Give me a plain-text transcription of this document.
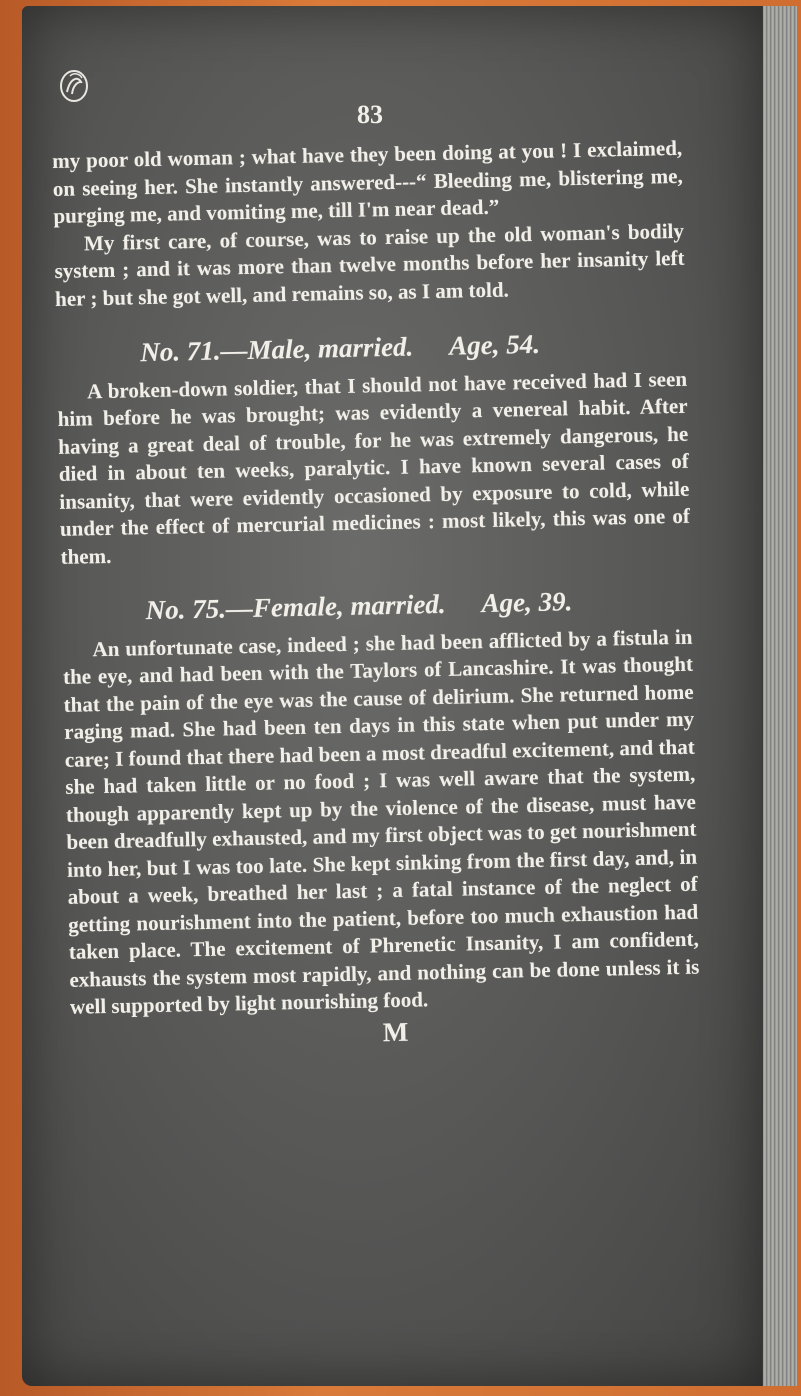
83

my poor old woman ; what have they been doing at you ! I exclaimed, on seeing her. She instantly answered---“ Bleeding me, blistering me, purging me, and vomiting me, till I'm near dead.”

My first care, of course, was to raise up the old woman's bodily system ; and it was more than twelve months before her insanity left her ; but she got well, and remains so, as I am told.

No. 71.—Male, married. Age, 54.

A broken-down soldier, that I should not have received had I seen him before he was brought; was evidently a venereal habit. After having a great deal of trouble, for he was extremely dangerous, he died in about ten weeks, paralytic. I have known several cases of insanity, that were evidently occasioned by exposure to cold, while under the effect of mercurial medicines : most likely, this was one of them.

No. 75.—Female, married. Age, 39.

An unfortunate case, indeed ; she had been afflicted by a fistula in the eye, and had been with the Taylors of Lancashire. It was thought that the pain of the eye was the cause of delirium. She returned home raging mad. She had been ten days in this state when put under my care; I found that there had been a most dreadful excitement, and that she had taken little or no food ; I was well aware that the system, though apparently kept up by the violence of the disease, must have been dreadfully exhausted, and my first object was to get nourishment into her, but I was too late. She kept sinking from the first day, and, in about a week, breathed her last ; a fatal instance of the neglect of getting nourishment into the patient, before too much exhaustion had taken place. The excitement of Phrenetic Insanity, I am confident, exhausts the system most rapidly, and nothing can be done unless it is well supported by light nourishing food.

M
